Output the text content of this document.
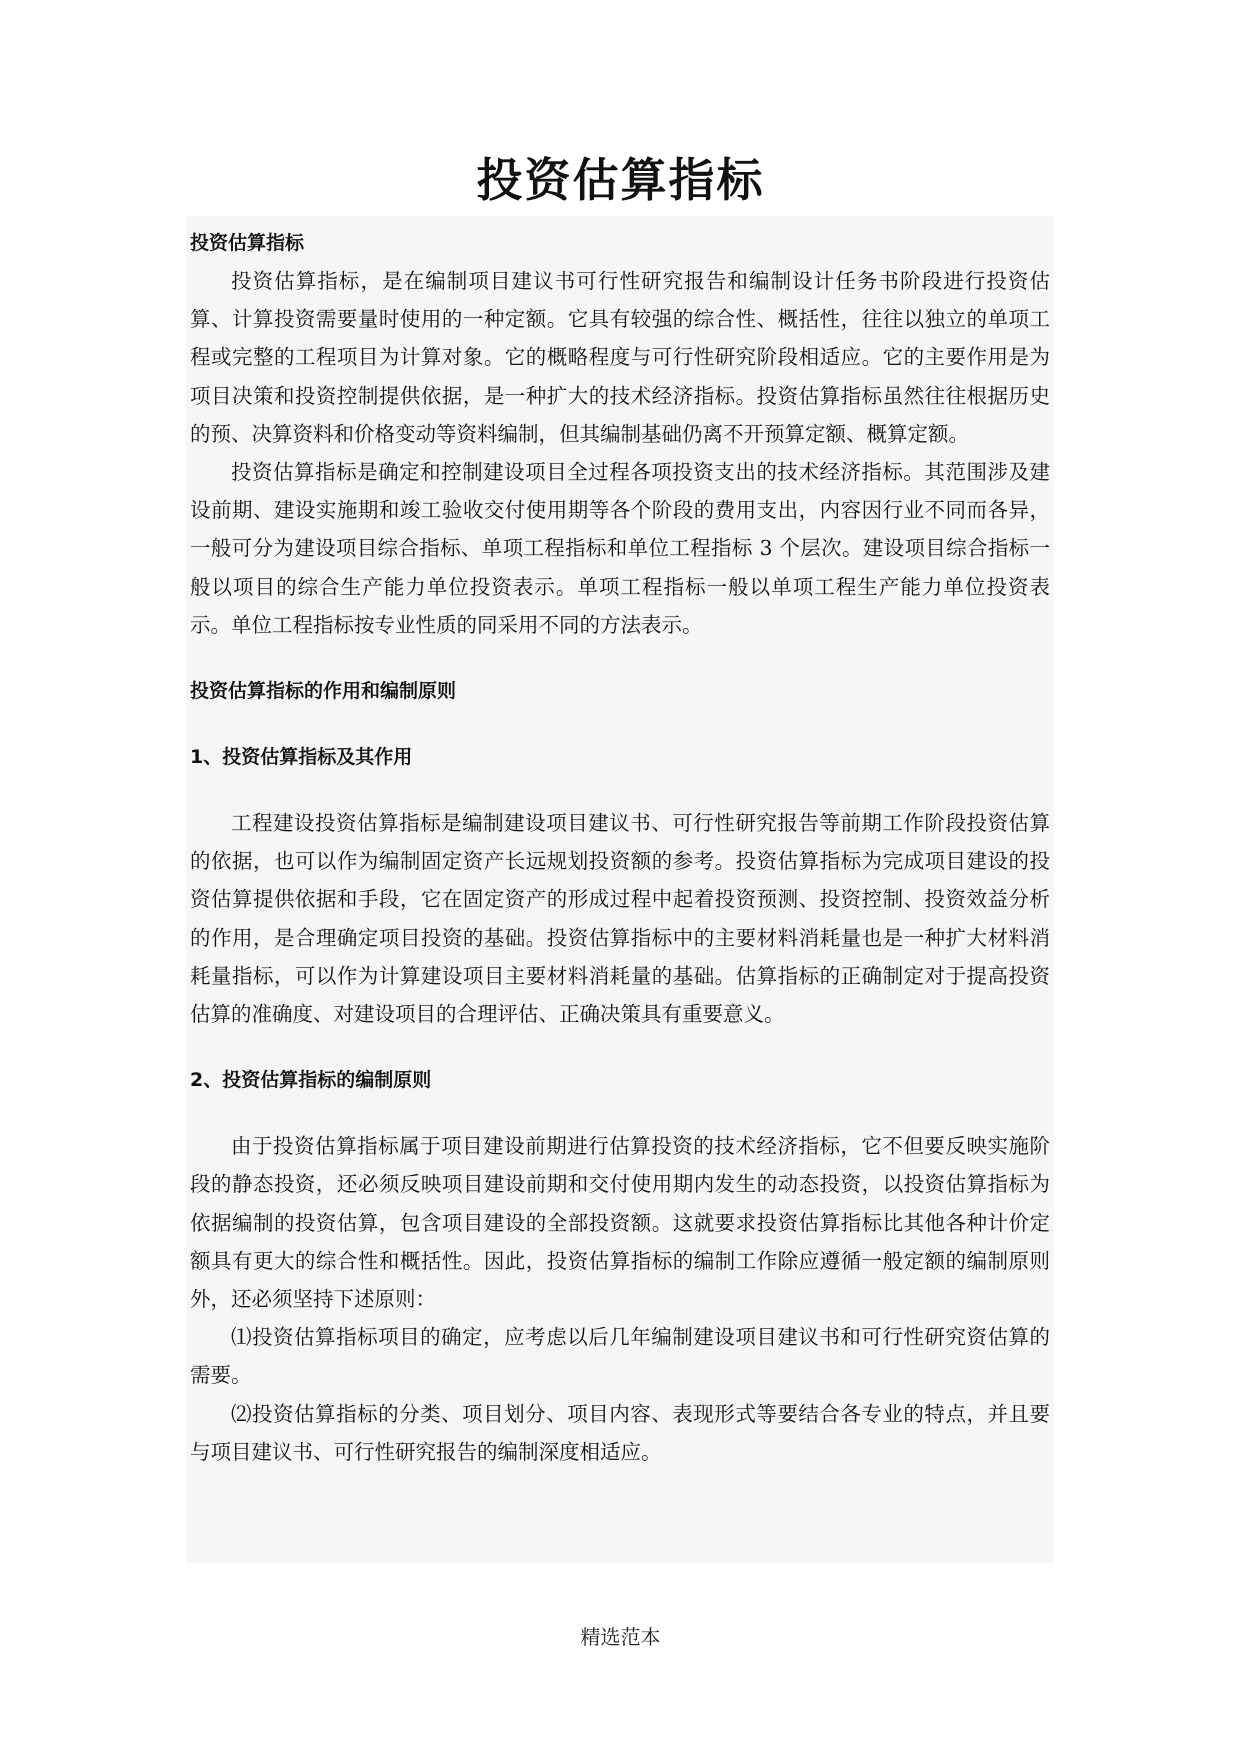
投资估算指标

投资估算指标

投资估算指标，是在编制项目建议书可行性研究报告和编制设计任务书阶段进行投资估算、计算投资需要量时使用的一种定额。它具有较强的综合性、概括性，往往以独立的单项工程或完整的工程项目为计算对象。它的概略程度与可行性研究阶段相适应。它的主要作用是为项目决策和投资控制提供依据，是一种扩大的技术经济指标。投资估算指标虽然往往根据历史的预、决算资料和价格变动等资料编制，但其编制基础仍离不开预算定额、概算定额。

投资估算指标是确定和控制建设项目全过程各项投资支出的技术经济指标。其范围涉及建设前期、建设实施期和竣工验收交付使用期等各个阶段的费用支出，内容因行业不同而各异，一般可分为建设项目综合指标、单项工程指标和单位工程指标 3 个层次。建设项目综合指标一般以项目的综合生产能力单位投资表示。单项工程指标一般以单项工程生产能力单位投资表示。单位工程指标按专业性质的同采用不同的方法表示。

投资估算指标的作用和编制原则

1、投资估算指标及其作用

工程建设投资估算指标是编制建设项目建议书、可行性研究报告等前期工作阶段投资估算的依据，也可以作为编制固定资产长远规划投资额的参考。投资估算指标为完成项目建设的投资估算提供依据和手段，它在固定资产的形成过程中起着投资预测、投资控制、投资效益分析的作用，是合理确定项目投资的基础。投资估算指标中的主要材料消耗量也是一种扩大材料消耗量指标，可以作为计算建设项目主要材料消耗量的基础。估算指标的正确制定对于提高投资估算的准确度、对建设项目的合理评估、正确决策具有重要意义。

2、投资估算指标的编制原则

由于投资估算指标属于项目建设前期进行估算投资的技术经济指标，它不但要反映实施阶段的静态投资，还必须反映项目建设前期和交付使用期内发生的动态投资，以投资估算指标为依据编制的投资估算，包含项目建设的全部投资额。这就要求投资估算指标比其他各种计价定额具有更大的综合性和概括性。因此，投资估算指标的编制工作除应遵循一般定额的编制原则外，还必须坚持下述原则：

⑴投资估算指标项目的确定，应考虑以后几年编制建设项目建议书和可行性研究资估算的需要。

⑵投资估算指标的分类、项目划分、项目内容、表现形式等要结合各专业的特点，并且要与项目建议书、可行性研究报告的编制深度相适应。

精选范本
